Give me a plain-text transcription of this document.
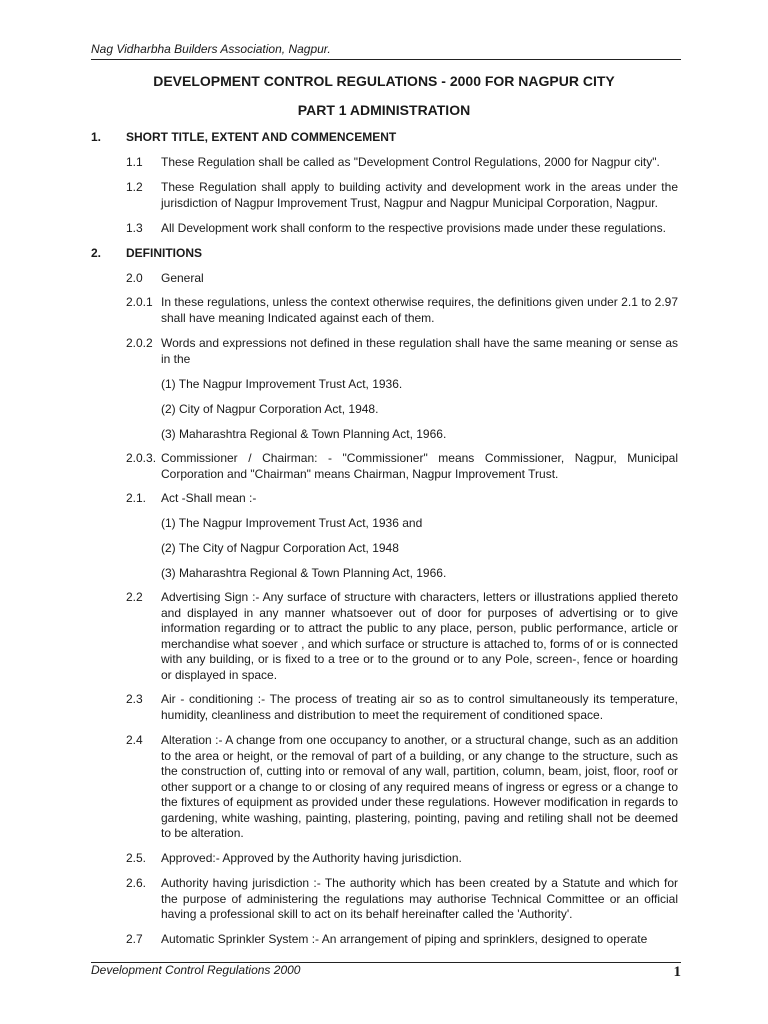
Nag Vidharbha Builders Association, Nagpur.
DEVELOPMENT CONTROL REGULATIONS - 2000 FOR NAGPUR CITY
PART 1 ADMINISTRATION
1. SHORT TITLE, EXTENT AND COMMENCEMENT
1.1 These Regulation shall be called as "Development Control Regulations, 2000 for Nagpur city".
1.2 These Regulation shall apply to building activity and development work in the areas under the jurisdiction of Nagpur Improvement Trust, Nagpur and Nagpur Municipal Corporation, Nagpur.
1.3 All Development work shall conform to the respective provisions made under these regulations.
2. DEFINITIONS
2.0 General
2.0.1 In these regulations, unless the context otherwise requires, the definitions given under 2.1 to 2.97 shall have meaning Indicated against each of them.
2.0.2 Words and expressions not defined in these regulation shall have the same meaning or sense as in the
(1) The Nagpur Improvement Trust Act, 1936.
(2) City of Nagpur Corporation Act, 1948.
(3) Maharashtra Regional & Town Planning Act, 1966.
2.0.3. Commissioner / Chairman: - "Commissioner" means Commissioner, Nagpur, Municipal Corporation and "Chairman" means Chairman, Nagpur Improvement Trust.
2.1. Act -Shall mean :-
(1) The Nagpur Improvement Trust Act, 1936 and
(2) The City of Nagpur Corporation Act, 1948
(3) Maharashtra Regional & Town Planning Act, 1966.
2.2 Advertising Sign :- Any surface of structure with characters, letters or illustrations applied thereto and displayed in any manner whatsoever out of door for purposes of advertising or to give information regarding or to attract the public to any place, person, public performance, article or merchandise what soever , and which surface or structure is attached to, forms of or is connected with any building, or is fixed to a tree or to the ground or to any Pole, screen-, fence or hoarding or displayed in space.
2.3 Air - conditioning :- The process of treating air so as to control simultaneously its temperature, humidity, cleanliness and distribution to meet the requirement of conditioned space.
2.4 Alteration :- A change from one occupancy to another, or a structural change, such as an addition to the area or height, or the removal of part of a building, or any change to the structure, such as the construction of, cutting into or removal of any wall, partition, column, beam, joist, floor, roof or other support or a change to or closing of any required means of ingress or egress or a change to the fixtures of equipment as provided under these regulations. However modification in regards to gardening, white washing, painting, plastering, pointing, paving and retiling shall not be deemed to be alteration.
2.5. Approved:- Approved by the Authority having jurisdiction.
2.6. Authority having jurisdiction :- The authority which has been created by a Statute and which for the purpose of administering the regulations may authorise Technical Committee or an official having a professional skill to act on its behalf hereinafter called the 'Authority'.
2.7 Automatic Sprinkler System :- An arrangement of piping and sprinklers, designed to operate
Development Control Regulations 2000	1
